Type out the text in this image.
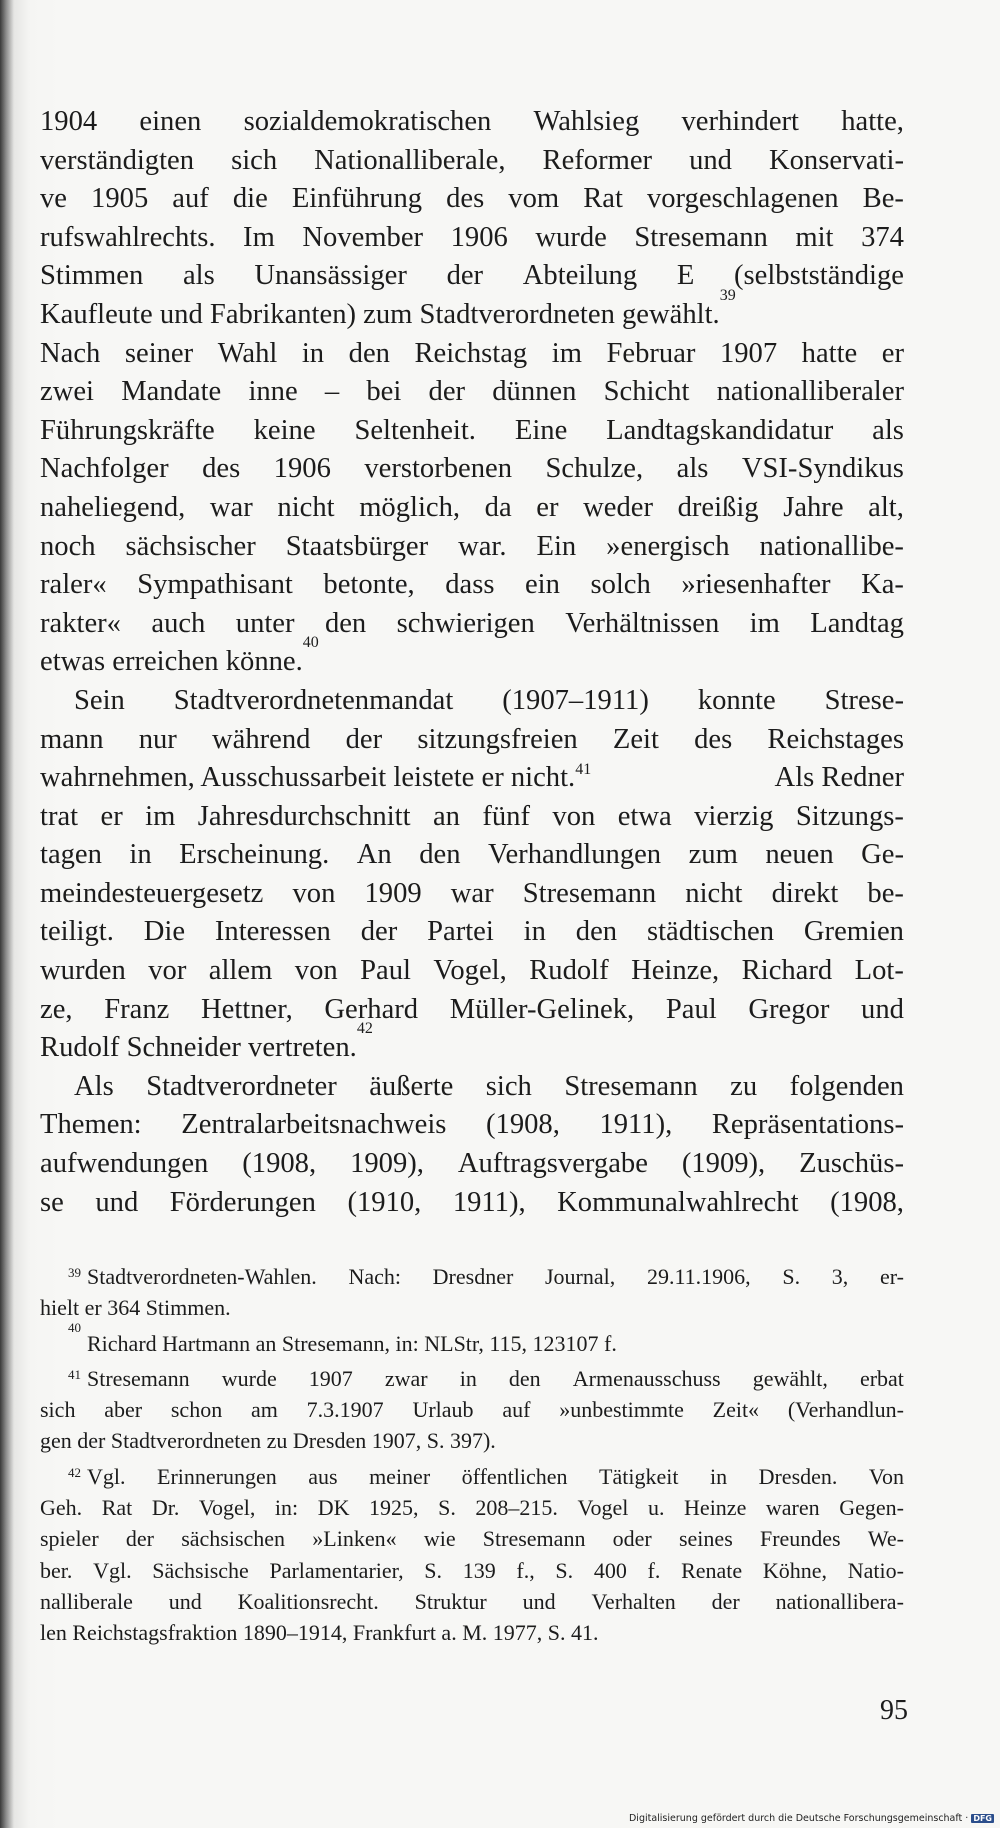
1904 einen sozialdemokratischen Wahlsieg verhindert hatte,
verständigten sich Nationalliberale, Reformer und Konservati-
ve 1905 auf die Einführung des vom Rat vorgeschlagenen Be-
rufswahlrechts. Im November 1906 wurde Stresemann mit 374
Stimmen als Unansässiger der Abteilung E (selbstständige
Kaufleute und Fabrikanten) zum Stadtverordneten gewählt.
39
Nach seiner Wahl in den Reichstag im Februar 1907 hatte er
zwei Mandate inne – bei der dünnen Schicht nationalliberaler
Führungskräfte keine Seltenheit. Eine Landtagskandidatur als
Nachfolger des 1906 verstorbenen Schulze, als VSI-Syndikus
naheliegend, war nicht möglich, da er weder dreißig Jahre alt,
noch sächsischer Staatsbürger war. Ein »energisch nationallibe-
raler« Sympathisant betonte, dass ein solch »riesenhafter Ka-
rakter« auch unter den schwierigen Verhältnissen im Landtag
etwas erreichen könne.
40
Sein Stadtverordnetenmandat (1907–1911) konnte Strese-
mann nur während der sitzungsfreien Zeit des Reichstages
wahrnehmen, Ausschussarbeit leistete er nicht.$^{41}$	Als Redner
trat er im Jahresdurchschnitt an fünf von etwa vierzig Sitzungs-
tagen in Erscheinung. An den Verhandlungen zum neuen Ge-
meindesteuergesetz von 1909 war Stresemann nicht direkt be-
teiligt. Die Interessen der Partei in den städtischen Gremien
wurden vor allem von Paul Vogel, Rudolf Heinze, Richard Lot-
ze, Franz Hettner, Gerhard Müller-Gelinek, Paul Gregor und
Rudolf Schneider vertreten.
42
Als Stadtverordneter äußerte sich Stresemann zu folgenden
Themen: Zentralarbeitsnachweis (1908, 1911), Repräsentations-
aufwendungen (1908, 1909), Auftragsvergabe (1909), Zuschüs-
se und Förderungen (1910, 1911), Kommunalwahlrecht (1908,
$^{39}$ Stadtverordneten-Wahlen. Nach: Dresdner Journal, 29.11.1906, S. 3, er-
hielt er 364 Stimmen.
40
Richard Hartmann an Stresemann, in: NLStr, 115, 123107 f.
$^{41}$ Stresemann wurde 1907 zwar in den Armenausschuss gewählt, erbat
sich aber schon am 7.3.1907 Urlaub auf »unbestimmte Zeit« (Verhandlun-
gen der Stadtverordneten zu Dresden 1907, S. 397).
$^{42}$ Vgl. Erinnerungen aus meiner öffentlichen Tätigkeit in Dresden. Von
Geh. Rat Dr. Vogel, in: DK 1925, S. 208–215. Vogel u. Heinze waren Gegen-
spieler der sächsischen »Linken« wie Stresemann oder seines Freundes We-
ber. Vgl. Sächsische Parlamentarier, S. 139 f., S. 400 f. Renate Köhne, Natio-
nalliberale und Koalitionsrecht. Struktur und Verhalten der nationallibera-
len Reichstagsfraktion 1890–1914, Frankfurt a. M. 1977, S. 41.
95
Digitalisierung gefördert durch die Deutsche Forschungsgemeinschaft · DFG
